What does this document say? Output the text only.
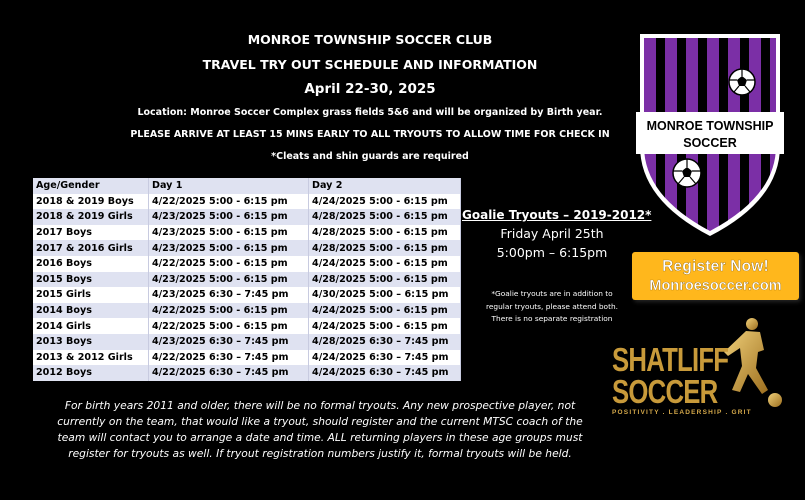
MONROE TOWNSHIP SOCCER CLUB
TRAVEL TRY OUT SCHEDULE AND INFORMATION
April 22-30, 2025
Location: Monroe Soccer Complex grass fields 5&6 and will be organized by Birth year.
PLEASE ARRIVE AT LEAST 15 MINS EARLY TO ALL TRYOUTS TO ALLOW TIME FOR CHECK IN
*Cleats and shin guards are required
Age/Gender	Day 1	Day 2
2018 & 2019 Boys	4/22/2025 5:00 - 6:15 pm	4/24/2025 5:00 - 6:15 pm
2018 & 2019 Girls	4/23/2025 5:00 - 6:15 pm	4/28/2025 5:00 - 6:15 pm
2017 Boys	4/23/2025 5:00 - 6:15 pm	4/28/2025 5:00 - 6:15 pm
2017 & 2016 Girls	4/23/2025 5:00 - 6:15 pm	4/28/2025 5:00 - 6:15 pm
2016 Boys	4/22/2025 5:00 - 6:15 pm	4/24/2025 5:00 - 6:15 pm
2015 Boys	4/23/2025 5:00 - 6:15 pm	4/28/2025 5:00 - 6:15 pm
2015 Girls	4/23/2025 6:30 – 7:45 pm	4/30/2025 5:00 – 6:15 pm
2014 Boys	4/22/2025 5:00 - 6:15 pm	4/24/2025 5:00 - 6:15 pm
2014 Girls	4/22/2025 5:00 - 6:15 pm	4/24/2025 5:00 - 6:15 pm
2013 Boys	4/23/2025 6:30 – 7:45 pm	4/28/2025 6:30 – 7:45 pm
2013 & 2012 Girls	4/22/2025 6:30 – 7:45 pm	4/24/2025 6:30 – 7:45 pm
2012 Boys	4/22/2025 6:30 – 7:45 pm	4/24/2025 6:30 – 7:45 pm
Goalie Tryouts – 2019-2012*
Friday April 25th
5:00pm – 6:15pm
*Goalie tryouts are in addition to
regular tryouts, please attend both.
There is no separate registration
MONROE TOWNSHIP
SOCCER
Register Now!
Monroesoccer.com
SHATLIFF
SOCCER
POSITIVITY . LEADERSHIP . GRIT
For birth years 2011 and older, there will be no formal tryouts. Any new prospective player, not
currently on the team, that would like a tryout, should register and the current MTSC coach of the
team will contact you to arrange a date and time. ALL returning players in these age groups must
register for tryouts as well. If tryout registration numbers justify it, formal tryouts will be held.
